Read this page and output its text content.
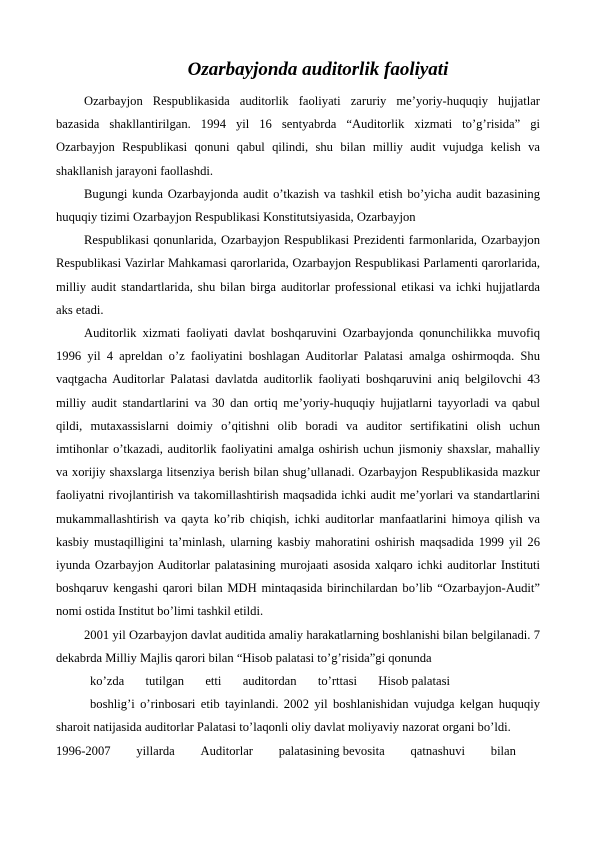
Ozarbayjonda auditorlik faoliyati

Ozarbayjon Respublikasida auditorlik faoliyati zaruriy me’yoriy-huquqiy hujjatlar bazasida shakllantirilgan. 1994 yil 16 sentyabrda “Auditorlik xizmati to’g’risida” gi Ozarbayjon Respublikasi qonuni qabul qilindi, shu bilan milliy audit vujudga kelish va shakllanish jarayoni faollashdi.

Bugungi kunda Ozarbayjonda audit o’tkazish va tashkil etish bo’yicha audit bazasining huquqiy tizimi Ozarbayjon Respublikasi Konstitutsiyasida, Ozarbayjon

Respublikasi qonunlarida, Ozarbayjon Respublikasi Prezidenti farmonlarida, Ozarbayjon Respublikasi Vazirlar Mahkamasi qarorlarida, Ozarbayjon Respublikasi Parlamenti qarorlarida, milliy audit standartlarida, shu bilan birga auditorlar professional etikasi va ichki hujjatlarda aks etadi.

Auditorlik xizmati faoliyati davlat boshqaruvini Ozarbayjonda qonunchilikka muvofiq 1996 yil 4 apreldan o’z faoliyatini boshlagan Auditorlar Palatasi amalga oshirmoqda. Shu vaqtgacha Auditorlar Palatasi davlatda auditorlik faoliyati boshqaruvini aniq belgilovchi 43 milliy audit standartlarini va 30 dan ortiq me’yoriy-huquqiy hujjatlarni tayyorladi va qabul qildi, mutaxassislarni doimiy o’qitishni olib boradi va auditor sertifikatini olish uchun imtihonlar o’tkazadi, auditorlik faoliyatini amalga oshirish uchun jismoniy shaxslar, mahalliy va xorijiy shaxslarga litsenziya berish bilan shug’ullanadi. Ozarbayjon Respublikasida mazkur faoliyatni rivojlantirish va takomillashtirish maqsadida ichki audit me’yorlari va standartlarini mukammallashtirish va qayta ko’rib chiqish, ichki auditorlar manfaatlarini himoya qilish va kasbiy mustaqilligini ta’minlash, ularning kasbiy mahoratini oshirish maqsadida 1999 yil 26 iyunda Ozarbayjon Auditorlar palatasining murojaati asosida xalqaro ichki auditorlar Instituti boshqaruv kengashi qarori bilan MDH mintaqasida birinchilardan bo’lib “Ozarbayjon-Audit” nomi ostida Institut bo’limi tashkil etildi.

2001 yil Ozarbayjon davlat auditida amaliy harakatlarning boshlanishi bilan belgilanadi. 7 dekabrda Milliy Majlis qarori bilan “Hisob palatasi to’g’risida”gi qonunda

ko’zda tutilgan etti auditordan to’rttasi Hisob palatasi

boshlig’i o’rinbosari etib tayinlandi. 2002 yil boshlanishidan vujudga kelgan huquqiy sharoit natijasida auditorlar Palatasi to’laqonli oliy davlat moliyaviy nazorat organi bo’ldi.

1996-2007 yillarda Auditorlar palatasining bevosita qatnashuvi bilan
